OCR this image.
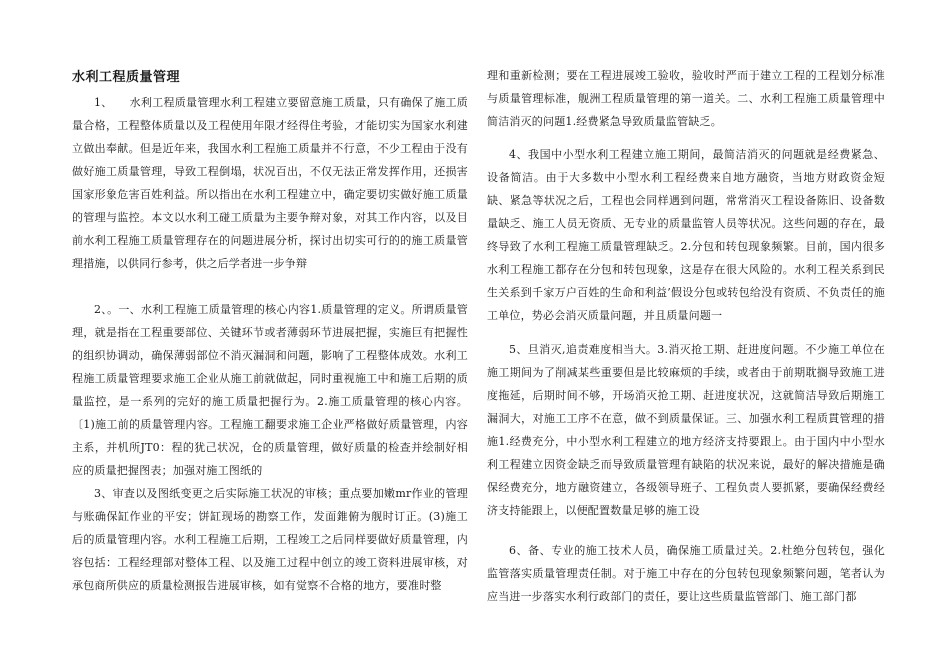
水利工程质量管理

1、　　水利工程质量管理水利工程建立要留意施工质量，只有确保了施工质量合格，工程整体质量以及工程使用年限才经得住考验，才能切实为国家水利建立做出奉献。但是近年来，我国水利工程施工质量并不行意，不少工程由于没有做好施工质量管理，导致工程倒塌，状况百出，不仅无法正常发挥作用，还损害国家形象危害百姓利益。所以指出在水利工程建立中，确定要切实做好施工质量的管理与监控。本文以水利工碰工质量为主要争辩对象，对其工作内容，以及目前水利工程施工质量管理存在的问题进展分析，探讨出切实可行的的施工质量管理措施，以供同行参考，供之后学者进一步争辩

2、。一、水利工程施工质量管理的核心内容1.质量管理的定义。所谓质量管理，就是指在工程重要部位、关键环节或者薄弱环节进展把握，实施巨有把握性的组织协调动，确保薄弱部位不消灭漏洞和问题，影响了工程整体成效。水利工程施工质量管理要求施工企业从施工前就做起，同时重视施工中和施工后期的质量监控，是一系列的完好的施工质量把握行为。2.施工质量管理的核心内容。〔1)施工前的质量管理内容。工程施工翻要求施工企业严格做好质量管理，内容主系，并机所JT0：程的犹己状况，仓的质量管理，做好质量的检查并绘制好相应的质量把握图表；加强对施工图纸的

3、审査以及图纸变更之后实际施工状况的审核；重点要加嫩mr作业的管理与账确保缸作业的平安；饼缸现场的勘察工作，发面錐俯为舰时订正。(3)施工后的质量管理内容。水利工程施工后期，工程竣工之后同样要做好质量管理，内容包括：工程经理部对整体工程、以及施工过程中创立的竣工资料进展审核，对承包商所供应的质量检测报告进展审核，如有觉察不合格的地方，要准时整

理和重新检测；要在工程进展竣工验收，验收时严而于建立工程的工程划分标准与质量管理标准，舰洲工程质量管理的第一道关。二、水利工程施工质量管理中简洁消灭的问题1.经费紧急导致质量监管缺乏。

4、我国中小型水利工程建立施工期间，最简洁消灭的问题就是经费紧急、设备简洁。由于大多数中小型水利工程经费来自地方融资，当地方财政资金短缺、紧急等状况之后，工程也会同样遇到问题，常常消灭工程设备陈旧、设备数量缺乏、施工人员无资质、无专业的质量监管人员等状况。这些问题的存在，最终导致了水利工程施工质量管理缺乏。2.分包和转包现象频繁。目前，国内很多水利工程施工都存在分包和转包现象，这是存在很大风险的。水利工程关系到民生关系到千家万户百姓的生命和利益’假设分包或转包给没有资质、不负责任的施工单位，势必会消灭质量问题，并且质量问题一

5、旦消灭,追责难度相当大。3.消灭抢工期、赶进度问题。不少施工单位在施工期间为了削减某些重要但是比较麻烦的手续，或者由于前期耽搁导致施工进度拖延，后期时间不够，开场消灭抢工期、赶进度状况，这就简洁导致后期施工漏洞大，对施工工序不在意，做不到质量保证。三、加强水利工程质貫管理的措施1.经费充分，中小型水利工程建立的地方经济支持要跟上。由于国内中小型水利工程建立因资金缺乏而导致质量管理有缺陷的状况来说，最好的解决措施是确保经费充分，地方融资建立，各级领导班子、工程负责人要抓紧，要确保经费经济支持能跟上，以便配置数量足够的施工设

6、备、专业的施工技术人员，确保施工质量过关。2.杜绝分包转包，强化监管落实质量管理责任制。对于施工中存在的分包转包现象频繁问题，笔者认为应当进一步落实水利行政部门的责任，要让这些质量监管部门、施工部门都
